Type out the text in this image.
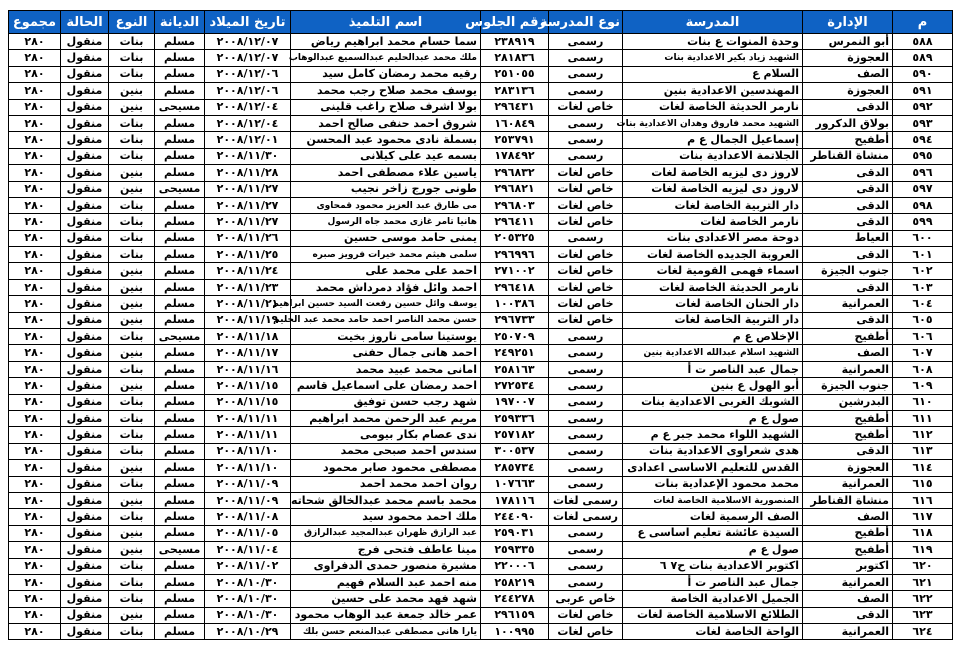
م	الإدارة	المدرسة	نوع المدرسة	رقم الجلوس	اسم التلميذ	تاريخ الميلاد	الديانة	النوع	الحالة	مجموع
٥٨٨	أبو النمرس	وحدة المنوات ع بنات	رسمى	٢٣٨٩١٩	سما حسام محمد ابراهيم رياض	٢٠٠٨/١٢/٠٧	مسلم	بنات	منقول	٢٨٠
٥٨٩	العجوزة	الشهيد زياد بكير الاعدادية بنات	رسمى	٢٨١٨٣٦	ملك محمد عبدالحليم عبدالسميع عبدالوهاب	٢٠٠٨/١٢/٠٧	مسلم	بنات	منقول	٢٨٠
٥٩٠	الصف	السلام ع	رسمى	٢٥١٠٥٥	رقيه محمد رمضان كامل سيد	٢٠٠٨/١٢/٠٦	مسلم	بنات	منقول	٢٨٠
٥٩١	العجوزة	المهندسين الاعدادية بنين	رسمى	٢٨٣١٣٦	يوسف محمد صلاح رجب محمد	٢٠٠٨/١٢/٠٦	مسلم	بنين	منقول	٢٨٠
٥٩٢	الدقى	نارمر الحديثة الخاصة لغات	خاص لغات	٢٩٦٤٣١	بولا اشرف صلاح راغب قلينى	٢٠٠٨/١٢/٠٤	مسيحى	بنين	منقول	٢٨٠
٥٩٣	بولاق الدكرور	الشهيد محمد فاروق وهدان الاعدادية بنات	رسمى	١٦٠٨٤٩	شروق احمد حنفى صالح احمد	٢٠٠٨/١٢/٠٤	مسلم	بنات	منقول	٢٨٠
٥٩٤	أطفيح	إسماعيل الجمال ع م	رسمى	٢٥٣٧٩١	بسملة نادى محمود عبد المحسن	٢٠٠٨/١٢/٠١	مسلم	بنات	منقول	٢٨٠
٥٩٥	منشاة القناطر	الجلاتمة الاعدادية بنات	رسمى	١٧٨٤٩٢	بسمه عيد على كيلانى	٢٠٠٨/١١/٣٠	مسلم	بنات	منقول	٢٨٠
٥٩٦	الدقى	لاروز دى ليزيه الخاصة لغات	خاص لغات	٢٩٦٨٣٢	ياسين علاء مصطفى احمد	٢٠٠٨/١١/٢٨	مسلم	بنين	منقول	٢٨٠
٥٩٧	الدقى	لاروز دى ليزيه الخاصة لغات	خاص لغات	٢٩٦٨٢١	طونى جورج زاخر نجيب	٢٠٠٨/١١/٢٧	مسيحى	بنين	منقول	٢٨٠
٥٩٨	الدقى	دار التربية الخاصة لغات	خاص لغات	٢٩٦٨٠٣	مى طارق عبد العزيز محمود قمحاوى	٢٠٠٨/١١/٢٧	مسلم	بنات	منقول	٢٨٠
٥٩٩	الدقى	نارمر الخاصة لغات	خاص لغات	٢٩٦٤١١	هانيا تامر غازى محمد جاه الرسول	٢٠٠٨/١١/٢٧	مسلم	بنات	منقول	٢٨٠
٦٠٠	العياط	دوحة مصر الاعدادى بنات	رسمى	٢٠٥٣٢٥	يمنى حامد موسى حسين	٢٠٠٨/١١/٢٦	مسلم	بنات	منقول	٢٨٠
٦٠١	الدقى	العروبة الجديده الخاصة لغات	خاص لغات	٢٩٦٩٩٦	سلمى هيثم محمد خيرات فرويز صبره	٢٠٠٨/١١/٢٥	مسلم	بنات	منقول	٢٨٠
٦٠٢	جنوب الجيزة	اسماء فهمى القومية لغات	خاص لغات	٢٧١٠٠٢	احمد على محمد على	٢٠٠٨/١١/٢٤	مسلم	بنين	منقول	٢٨٠
٦٠٣	الدقى	نارمر الحديثة الخاصة لغات	خاص لغات	٢٩٦٤١٨	احمد وائل فؤاد دمرداش محمد	٢٠٠٨/١١/٢٣	مسلم	بنين	منقول	٢٨٠
٦٠٤	العمرانية	دار الحنان الخاصة لغات	خاص لغات	١٠٠٣٨٦	يوسف وائل حسين رفعت السيد حسين ابراهيم	٢٠٠٨/١١/٢١	مسلم	بنين	منقول	٢٨٠
٦٠٥	الدقى	دار التربية الخاصة لغات	خاص لغات	٢٩٦٧٣٣	حسن محمد الناصر احمد حامد محمد عبد الحليم	٢٠٠٨/١١/١٩	مسلم	بنين	منقول	٢٨٠
٦٠٦	أطفيح	الإخلاص ع م	رسمى	٢٥٠٧٠٩	يوستينا سامى ناروز بخيت	٢٠٠٨/١١/١٨	مسيحى	بنات	منقول	٢٨٠
٦٠٧	الصف	الشهيد اسلام عبدالله الاعدادية بنين	رسمى	٢٤٩٢٥١	احمد هانى جمال حفنى	٢٠٠٨/١١/١٧	مسلم	بنين	منقول	٢٨٠
٦٠٨	العمرانية	جمال عبد الناصر ت أ	رسمى	٢٥٨١٦٣	امانى محمد عبيد محمد	٢٠٠٨/١١/١٦	مسلم	بنات	منقول	٢٨٠
٦٠٩	جنوب الجيزة	أبو الهول ع بنين	رسمى	٢٧٢٥٣٤	احمد رمضان على اسماعيل قاسم	٢٠٠٨/١١/١٥	مسلم	بنين	منقول	٢٨٠
٦١٠	البدرشين	الشوبك الغربى الاعدادية بنات	رسمى	١٩٧٠٠٧	شهد رجب حسن توفيق	٢٠٠٨/١١/١٥	مسلم	بنات	منقول	٢٨٠
٦١١	أطفيح	صول ع م	رسمى	٢٥٩٣٣٦	مريم عبد الرحمن محمد ابراهيم	٢٠٠٨/١١/١١	مسلم	بنات	منقول	٢٨٠
٦١٢	أطفيح	الشهيد اللواء محمد جبر ع م	رسمى	٢٥٧١٨٢	ندى عصام بكار بيومى	٢٠٠٨/١١/١١	مسلم	بنات	منقول	٢٨٠
٦١٣	الدقى	هدى شعراوى الاعدادية بنات	رسمى	٣٠٠٥٣٧	سندس احمد صبحى محمد	٢٠٠٨/١١/١٠	مسلم	بنات	منقول	٢٨٠
٦١٤	العجوزة	القدس للتعليم الاساسى اعدادى	رسمى	٢٨٥٧٣٤	مصطفى محمود صابر محمود	٢٠٠٨/١١/١٠	مسلم	بنين	منقول	٢٨٠
٦١٥	العمرانية	محمد محمود الإعدادية بنات	رسمى	١٠٧٦٦٣	روان احمد محمد احمد	٢٠٠٨/١١/٠٩	مسلم	بنات	منقول	٢٨٠
٦١٦	منشاة القناطر	المنصورية الاسلامية الخاصة لغات	رسمى لغات	١٧٨١١٦	محمد باسم محمد عبدالخالق شحاته	٢٠٠٨/١١/٠٩	مسلم	بنين	منقول	٢٨٠
٦١٧	الصف	الصف الرسمية لغات	رسمى لغات	٢٤٤٠٩٠	ملك احمد محمود سيد	٢٠٠٨/١١/٠٨	مسلم	بنات	منقول	٢٨٠
٦١٨	أطفيح	السيدة عائشة تعليم اساسى ع	رسمى	٢٥٩٠٣١	عبد الرازق ظهران عبدالمجيد عبدالرازق	٢٠٠٨/١١/٠٥	مسلم	بنين	منقول	٢٨٠
٦١٩	أطفيح	صول ع م	رسمى	٢٥٩٣٣٥	مينا عاطف فتحى فرج	٢٠٠٨/١١/٠٤	مسيحى	بنين	منقول	٢٨٠
٦٢٠	اكتوبر	اكتوبر الاعدادية بنات ح٧ ٦	رسمى	٢٢٠٠٠٦	مشيرة منصور حمدى الدفراوى	٢٠٠٨/١١/٠٢	مسلم	بنات	منقول	٢٨٠
٦٢١	العمرانية	جمال عبد الناصر ت أ	رسمى	٢٥٨٢١٩	منه احمد عبد السلام فهيم	٢٠٠٨/١٠/٣٠	مسلم	بنات	منقول	٢٨٠
٦٢٢	الصف	الجميل الاعدادية الخاصة	خاص عربى	٢٤٤٢٧٨	شهد فهد محمد على حسين	٢٠٠٨/١٠/٣٠	مسلم	بنات	منقول	٢٨٠
٦٢٣	الدقى	الطلائع الاسلامية الخاصة لغات	خاص لغات	٢٩٦١٥٩	عمر خالد جمعة عبد الوهاب محمود	٢٠٠٨/١٠/٣٠	مسلم	بنين	منقول	٢٨٠
٦٢٤	العمرانية	الواحة الخاصة لغات	خاص لغات	١٠٠٩٩٥	يارا هانى مصطفى عبدالمنعم حسن بلك	٢٠٠٨/١٠/٢٩	مسلم	بنات	منقول	٢٨٠
